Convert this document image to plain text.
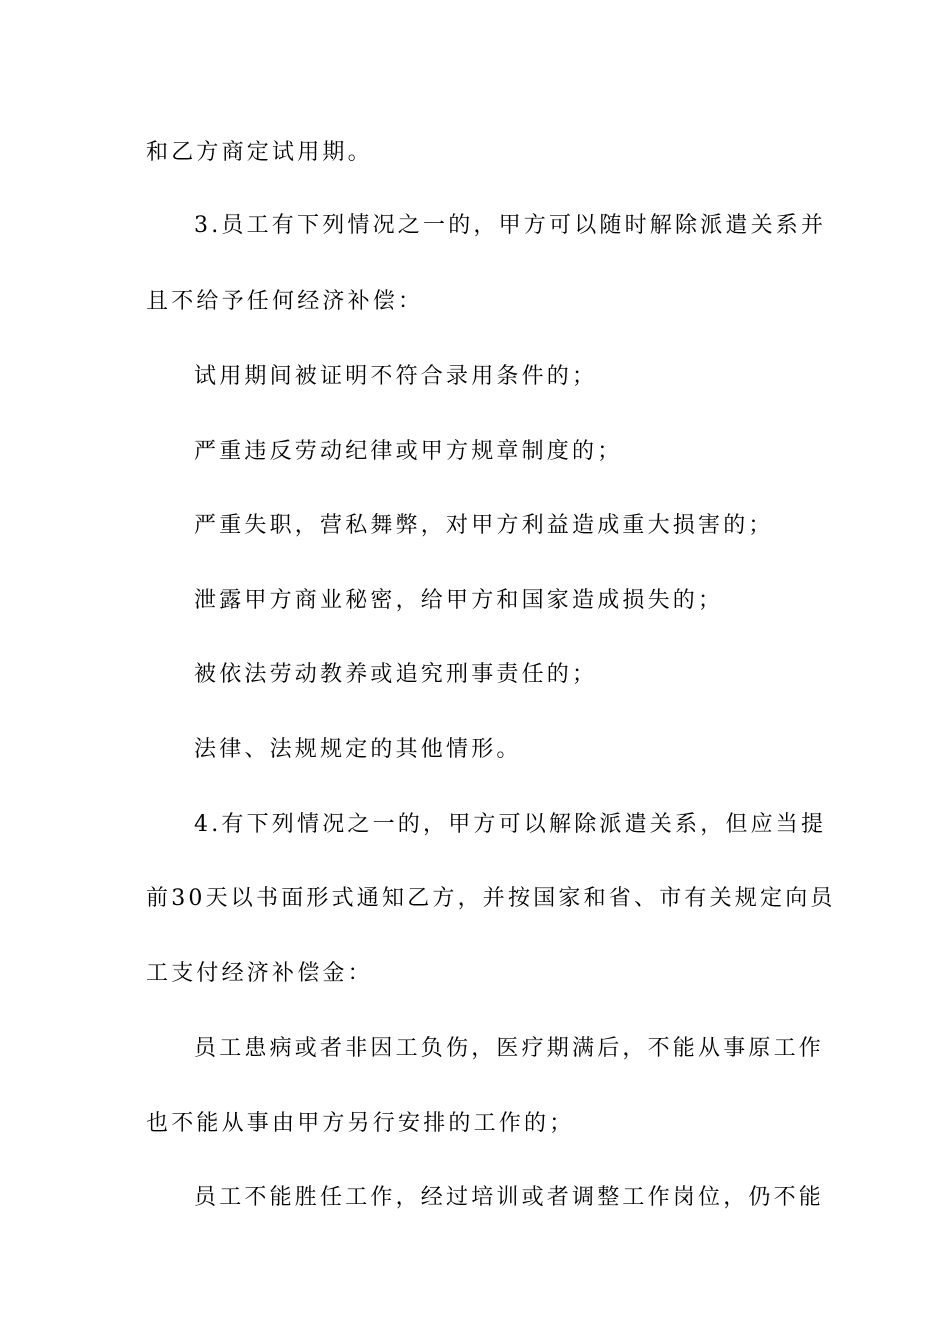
和乙方商定试用期。
3.员工有下列情况之一的，甲方可以随时解除派遣关系并
且不给予任何经济补偿：
试用期间被证明不符合录用条件的；
严重违反劳动纪律或甲方规章制度的；
严重失职，营私舞弊，对甲方利益造成重大损害的；
泄露甲方商业秘密，给甲方和国家造成损失的；
被依法劳动教养或追究刑事责任的；
法律、法规规定的其他情形。
4.有下列情况之一的，甲方可以解除派遣关系，但应当提
前30天以书面形式通知乙方，并按国家和省、市有关规定向员
工支付经济补偿金：
员工患病或者非因工负伤，医疗期满后，不能从事原工作
也不能从事由甲方另行安排的工作的；
员工不能胜任工作，经过培训或者调整工作岗位，仍不能
